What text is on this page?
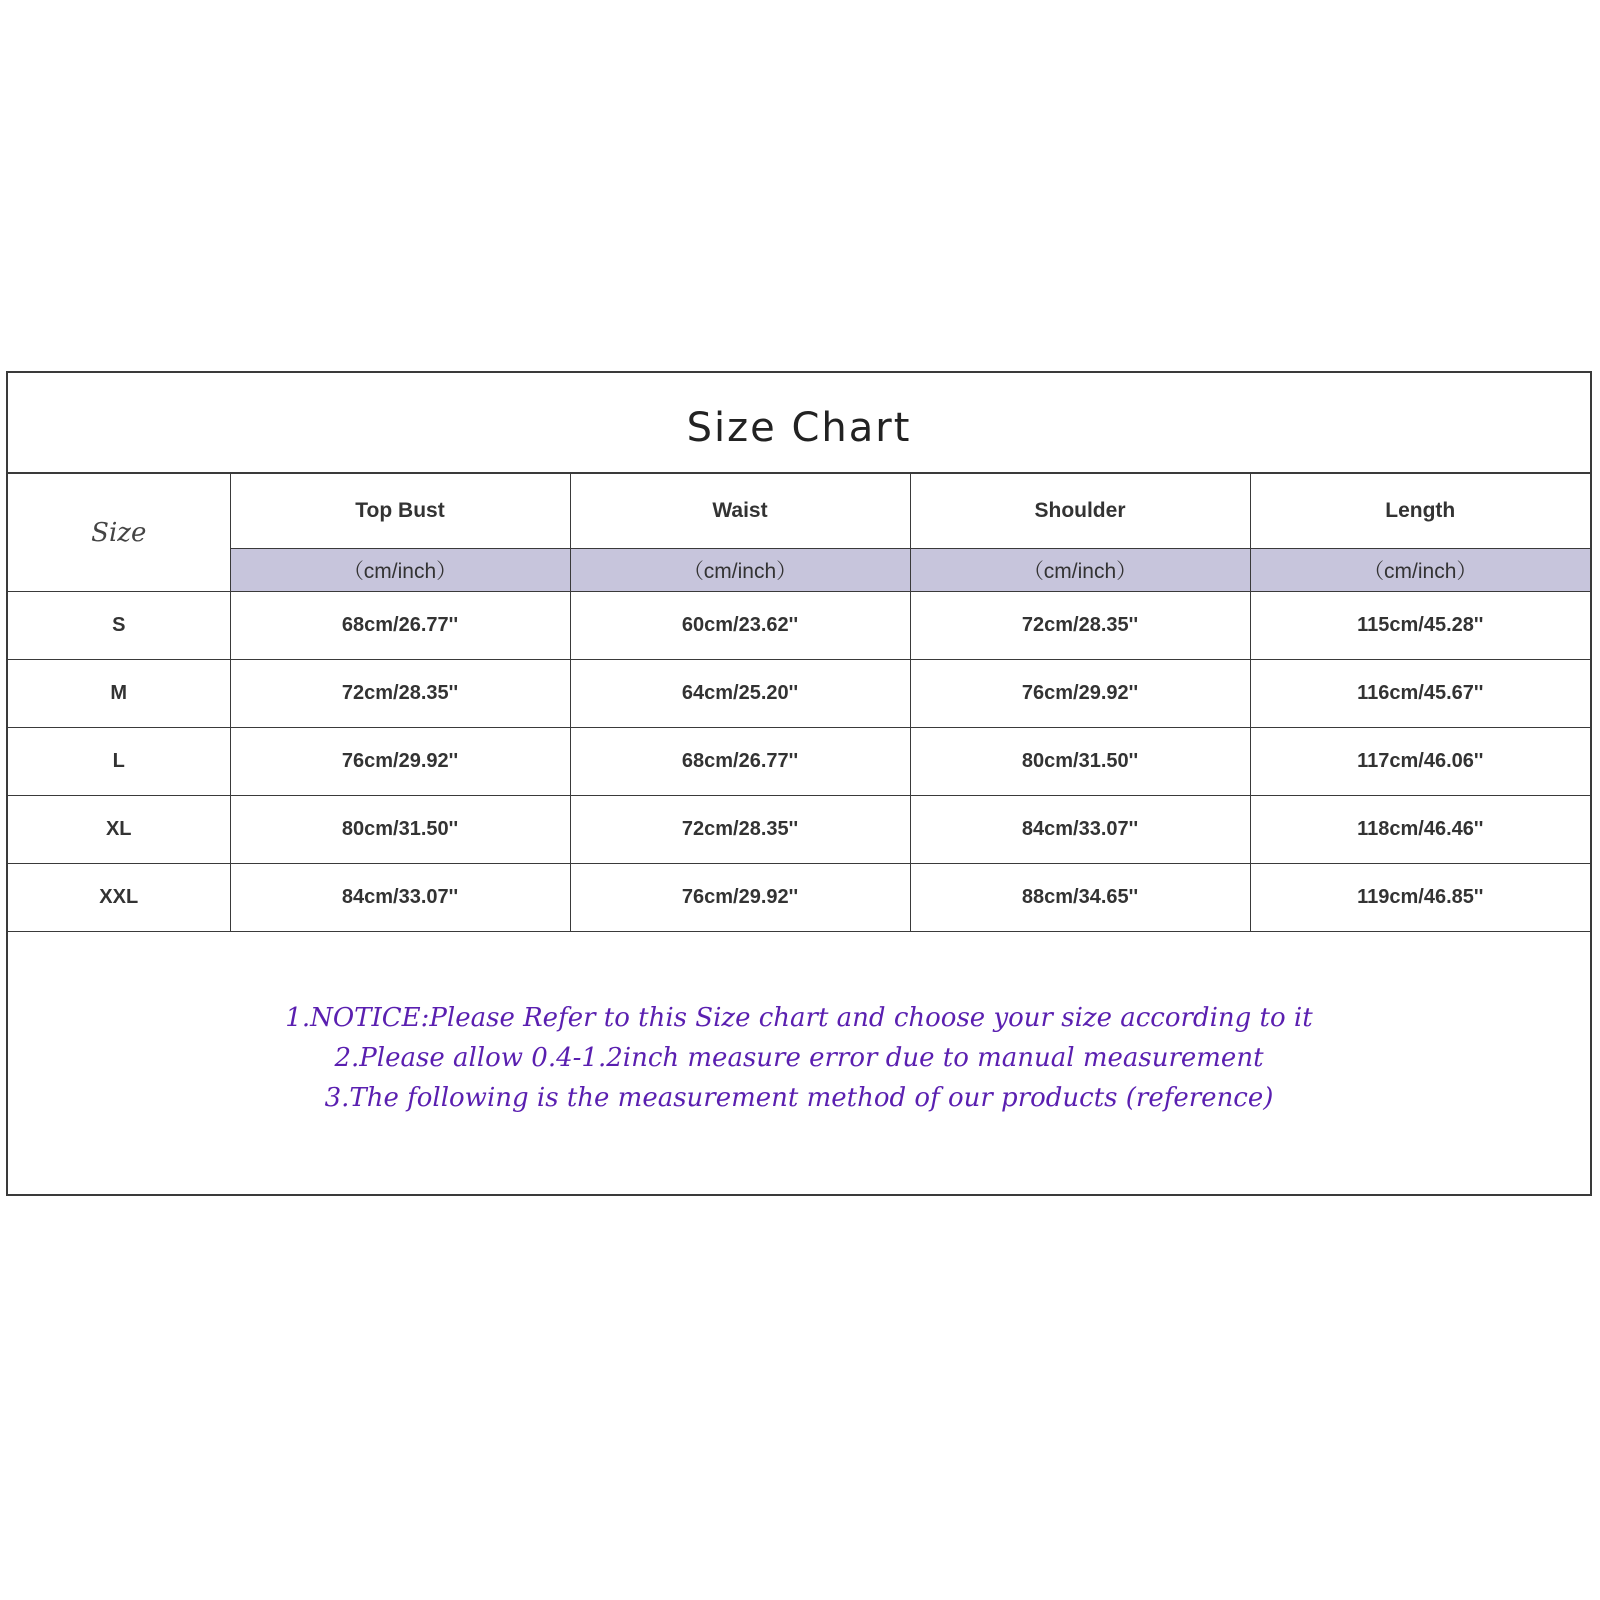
Size Chart
Size	Top Bust	Waist	Shoulder	Length
	（cm/inch）	（cm/inch）	（cm/inch）	（cm/inch）
S	68cm/26.77''	60cm/23.62''	72cm/28.35''	115cm/45.28''
M	72cm/28.35''	64cm/25.20''	76cm/29.92''	116cm/45.67''
L	76cm/29.92''	68cm/26.77''	80cm/31.50''	117cm/46.06''
XL	80cm/31.50''	72cm/28.35''	84cm/33.07''	118cm/46.46''
XXL	84cm/33.07''	76cm/29.92''	88cm/34.65''	119cm/46.85''
1.NOTICE:Please Refer to this Size chart and choose your size according to it
2.Please allow 0.4-1.2inch measure error due to manual measurement
3.The following is the measurement method of our products (reference)
